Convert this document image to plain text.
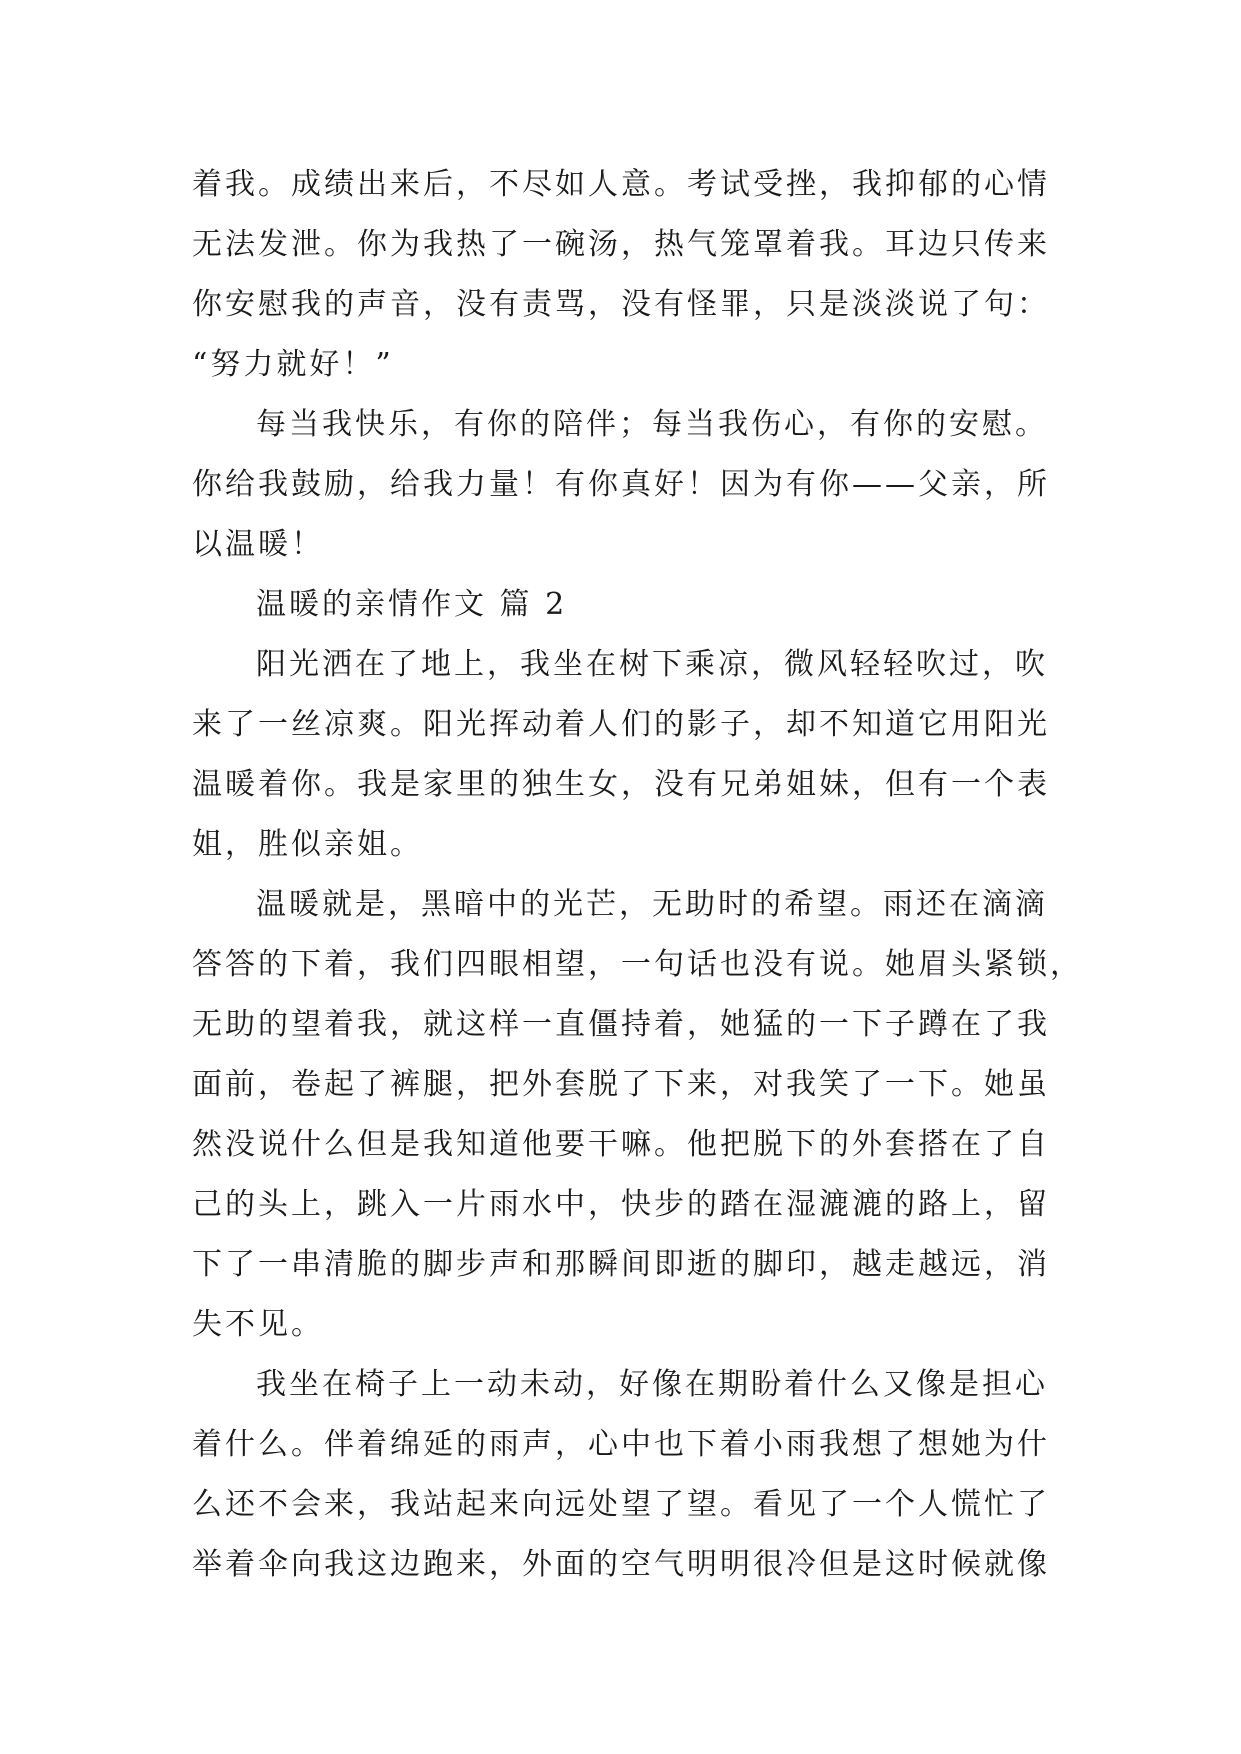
着我。成绩出来后，不尽如人意。考试受挫，我抑郁的心情

无法发泄。你为我热了一碗汤，热气笼罩着我。耳边只传来

你安慰我的声音，没有责骂，没有怪罪，只是淡淡说了句：

“努力就好！”

每当我快乐，有你的陪伴；每当我伤心，有你的安慰。

你给我鼓励，给我力量！有你真好！因为有你——父亲，所

以温暖！

温暖的亲情作文 篇 2

阳光洒在了地上，我坐在树下乘凉，微风轻轻吹过，吹

来了一丝凉爽。阳光挥动着人们的影子，却不知道它用阳光

温暖着你。我是家里的独生女，没有兄弟姐妹，但有一个表

姐，胜似亲姐。

温暖就是，黑暗中的光芒，无助时的希望。雨还在滴滴

答答的下着，我们四眼相望，一句话也没有说。她眉头紧锁，

无助的望着我，就这样一直僵持着，她猛的一下子蹲在了我

面前，卷起了裤腿，把外套脱了下来，对我笑了一下。她虽

然没说什么但是我知道他要干嘛。他把脱下的外套搭在了自

己的头上，跳入一片雨水中，快步的踏在湿漉漉的路上，留

下了一串清脆的脚步声和那瞬间即逝的脚印，越走越远，消

失不见。

我坐在椅子上一动未动，好像在期盼着什么又像是担心

着什么。伴着绵延的雨声，心中也下着小雨我想了想她为什

么还不会来，我站起来向远处望了望。看见了一个人慌忙了

举着伞向我这边跑来，外面的空气明明很冷但是这时候就像
